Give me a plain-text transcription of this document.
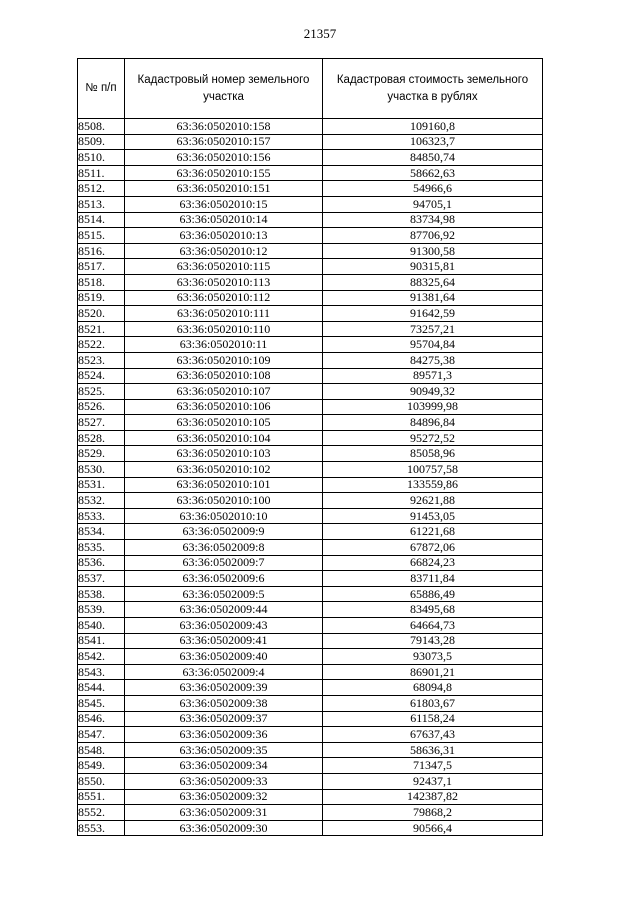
21357
№ п/п	Кадастровый номер земельного участка	Кадастровая стоимость земельного участка в рублях
8508.	63:36:0502010:158	109160,8
8509.	63:36:0502010:157	106323,7
8510.	63:36:0502010:156	84850,74
8511.	63:36:0502010:155	58662,63
8512.	63:36:0502010:151	54966,6
8513.	63:36:0502010:15	94705,1
8514.	63:36:0502010:14	83734,98
8515.	63:36:0502010:13	87706,92
8516.	63:36:0502010:12	91300,58
8517.	63:36:0502010:115	90315,81
8518.	63:36:0502010:113	88325,64
8519.	63:36:0502010:112	91381,64
8520.	63:36:0502010:111	91642,59
8521.	63:36:0502010:110	73257,21
8522.	63:36:0502010:11	95704,84
8523.	63:36:0502010:109	84275,38
8524.	63:36:0502010:108	89571,3
8525.	63:36:0502010:107	90949,32
8526.	63:36:0502010:106	103999,98
8527.	63:36:0502010:105	84896,84
8528.	63:36:0502010:104	95272,52
8529.	63:36:0502010:103	85058,96
8530.	63:36:0502010:102	100757,58
8531.	63:36:0502010:101	133559,86
8532.	63:36:0502010:100	92621,88
8533.	63:36:0502010:10	91453,05
8534.	63:36:0502009:9	61221,68
8535.	63:36:0502009:8	67872,06
8536.	63:36:0502009:7	66824,23
8537.	63:36:0502009:6	83711,84
8538.	63:36:0502009:5	65886,49
8539.	63:36:0502009:44	83495,68
8540.	63:36:0502009:43	64664,73
8541.	63:36:0502009:41	79143,28
8542.	63:36:0502009:40	93073,5
8543.	63:36:0502009:4	86901,21
8544.	63:36:0502009:39	68094,8
8545.	63:36:0502009:38	61803,67
8546.	63:36:0502009:37	61158,24
8547.	63:36:0502009:36	67637,43
8548.	63:36:0502009:35	58636,31
8549.	63:36:0502009:34	71347,5
8550.	63:36:0502009:33	92437,1
8551.	63:36:0502009:32	142387,82
8552.	63:36:0502009:31	79868,2
8553.	63:36:0502009:30	90566,4
